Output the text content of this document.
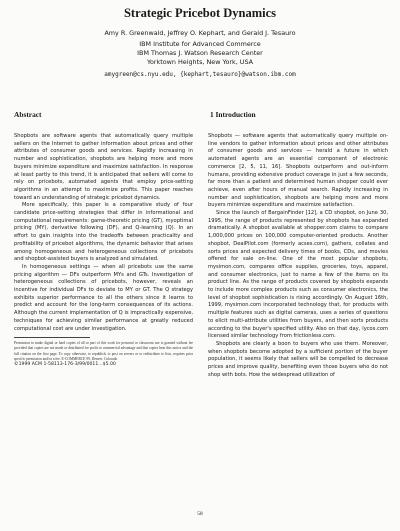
Strategic Pricebot Dynamics
Amy R. Greenwald, Jeffrey O. Kephart, and Gerald J. Tesauro
IBM Institute for Advanced Commerce
IBM Thomas J. Watson Research Center
Yorktown Heights, New York, USA
amygreen@cs.nyu.edu, {kephart,tesauro}@watson.ibm.com
Abstract

Shopbots are software agents that automatically query multiple sellers on the Internet to gather information about prices and other attributes of consumer goods and services. Rapidly increasing in number and sophistication, shopbots are helping more and more buyers minimize expenditure and maximize satisfaction. In response at least partly to this trend, it is anticipated that sellers will come to rely on pricebots, automated agents that employ price-setting algorithms in an attempt to maximize profits. This paper reaches toward an understanding of strategic pricebot dynamics.

More specifically, this paper is a comparative study of four candidate price-setting strategies that differ in informational and computational requirements: game-theoretic pricing (GT), myoptimal pricing (MY), derivative following (DF), and Q-learning (Q). In an effort to gain insights into the tradeoffs between practicality and profitability of pricebot algorithms, the dynamic behavior that arises among homogeneous and heterogeneous collections of pricebots and shopbot-assisted buyers is analyzed and simulated.

In homogeneous settings — when all pricebots use the same pricing algorithm — DFs outperform MYs and GTs. Investigation of heterogeneous collections of pricebots, however, reveals an incentive for individual DFs to deviate to MY or GT. The Q strategy exhibits superior performance to all the others since it learns to predict and account for the long-term consequences of its actions. Although the current implementation of Q is impractically expensive, techniques for achieving similar performance at greatly reduced computational cost are under investigation.

Permission to make digital or hard copies of all or part of this work for personal or classroom use is granted without fee provided that copies are not made or distributed for profit or commercial advantage and that copies bear this notice and the full citation on the first page. To copy otherwise, to republish, to post on servers or to redistribute to lists, requires prior specific permission and/or a fee. E-COMMERCE 99, Denver, Colorado

©1999 ACM 1-58113-176-3/99/0011...$5.00

1 Introduction

Shopbots — software agents that automatically query multiple on-line vendors to gather information about prices and other attributes of consumer goods and services — herald a future in which automated agents are an essential component of electronic commerce [2, 5, 11, 16]. Shopbots outperform and out-inform humans, providing extensive product coverage in just a few seconds, far more than a patient and determined human shopper could ever achieve, even after hours of manual search. Rapidly increasing in number and sophistication, shopbots are helping more and more buyers minimize expenditure and maximize satisfaction.

Since the launch of BargainFinder [12], a CD shopbot, on June 30, 1995, the range of products represented by shopbots has expanded dramatically. A shopbot available at shopper.com claims to compare 1,000,000 prices on 100,000 computer-oriented products. Another shopbot, DealPilot.com (formerly acses.com), gathers, collates and sorts prices and expected delivery times of books, CDs, and movies offered for sale on-line. One of the most popular shopbots, mysimon.com, compares office supplies, groceries, toys, apparel, and consumer electronics, just to name a few of the items on its product line. As the range of products covered by shopbots expands to include more complex products such as consumer electronics, the level of shopbot sophistication is rising accordingly. On August 16th, 1999, mysimon.com incorporated technology that, for products with multiple features such as digital cameras, uses a series of questions to elicit multi-attribute utilities from buyers, and then sorts products according to the buyer's specified utility. Also on that day, lycos.com licensed similar technology from frictionless.com.

Shopbots are clearly a boon to buyers who use them. Moreover, when shopbots become adopted by a sufficient portion of the buyer population, it seems likely that sellers will be compelled to decrease prices and improve quality, benefiting even those buyers who do not shop with bots. How the widespread utilization of

58
